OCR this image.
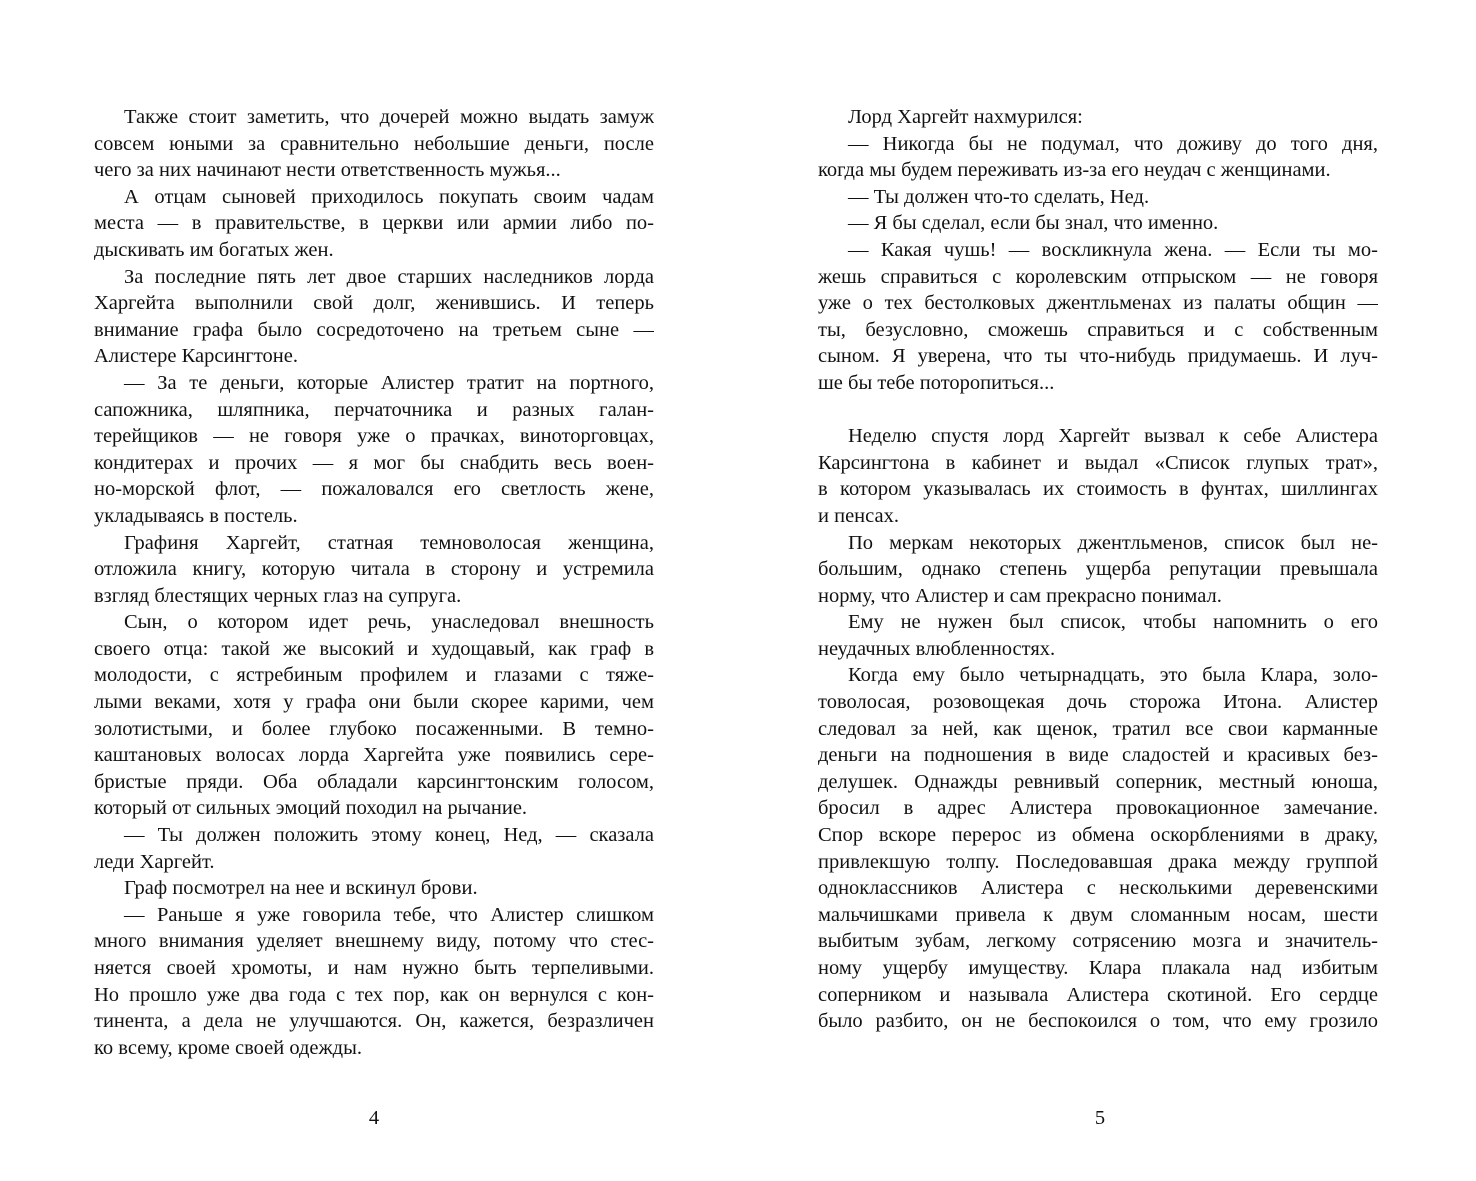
Также стоит заметить, что дочерей можно выдать замуж
совсем юными за сравнительно небольшие деньги, после
чего за них начинают нести ответственность мужья...
А отцам сыновей приходилось покупать своим чадам
места — в правительстве, в церкви или армии либо по-
дыскивать им богатых жен.
За последние пять лет двое старших наследников лорда
Харгейта выполнили свой долг, женившись. И теперь
внимание графа было сосредоточено на третьем сыне —
Алистере Карсингтоне.
— За те деньги, которые Алистер тратит на портного,
сапожника, шляпника, перчаточника и разных галан-
терейщиков — не говоря уже о прачках, виноторговцах,
кондитерах и прочих — я мог бы снабдить весь воен-
но-морской флот, — пожаловался его светлость жене,
укладываясь в постель.
Графиня Харгейт, статная темноволосая женщина,
отложила книгу, которую читала в сторону и устремила
взгляд блестящих черных глаз на супруга.
Сын, о котором идет речь, унаследовал внешность
своего отца: такой же высокий и худощавый, как граф в
молодости, с ястребиным профилем и глазами с тяже-
лыми веками, хотя у графа они были скорее карими, чем
золотистыми, и более глубоко посаженными. В темно-
каштановых волосах лорда Харгейта уже появились сере-
бристые пряди. Оба обладали карсингтонским голосом,
который от сильных эмоций походил на рычание.
— Ты должен положить этому конец, Нед, — сказала
леди Харгейт.
Граф посмотрел на нее и вскинул брови.
— Раньше я уже говорила тебе, что Алистер слишком
много внимания уделяет внешнему виду, потому что стес-
няется своей хромоты, и нам нужно быть терпеливыми.
Но прошло уже два года с тех пор, как он вернулся с кон-
тинента, а дела не улучшаются. Он, кажется, безразличен
ко всему, кроме своей одежды.
4
Лорд Харгейт нахмурился:
— Никогда бы не подумал, что доживу до того дня,
когда мы будем переживать из-за его неудач с женщинами.
— Ты должен что-то сделать, Нед.
— Я бы сделал, если бы знал, что именно.
— Какая чушь! — воскликнула жена. — Если ты мо-
жешь справиться с королевским отпрыском — не говоря
уже о тех бестолковых джентльменах из палаты общин —
ты, безусловно, сможешь справиться и с собственным
сыном. Я уверена, что ты что-нибудь придумаешь. И луч-
ше бы тебе поторопиться...
Неделю спустя лорд Харгейт вызвал к себе Алистера
Карсингтона в кабинет и выдал «Список глупых трат»,
в котором указывалась их стоимость в фунтах, шиллингах
и пенсах.
По меркам некоторых джентльменов, список был не-
большим, однако степень ущерба репутации превышала
норму, что Алистер и сам прекрасно понимал.
Ему не нужен был список, чтобы напомнить о его
неудачных влюбленностях.
Когда ему было четырнадцать, это была Клара, золо-
товолосая, розовощекая дочь сторожа Итона. Алистер
следовал за ней, как щенок, тратил все свои карманные
деньги на подношения в виде сладостей и красивых без-
делушек. Однажды ревнивый соперник, местный юноша,
бросил в адрес Алистера провокационное замечание.
Спор вскоре перерос из обмена оскорблениями в драку,
привлекшую толпу. Последовавшая драка между группой
одноклассников Алистера с несколькими деревенскими
мальчишками привела к двум сломанным носам, шести
выбитым зубам, легкому сотрясению мозга и значитель-
ному ущербу имуществу. Клара плакала над избитым
соперником и называла Алистера скотиной. Его сердце
было разбито, он не беспокоился о том, что ему грозило
5
